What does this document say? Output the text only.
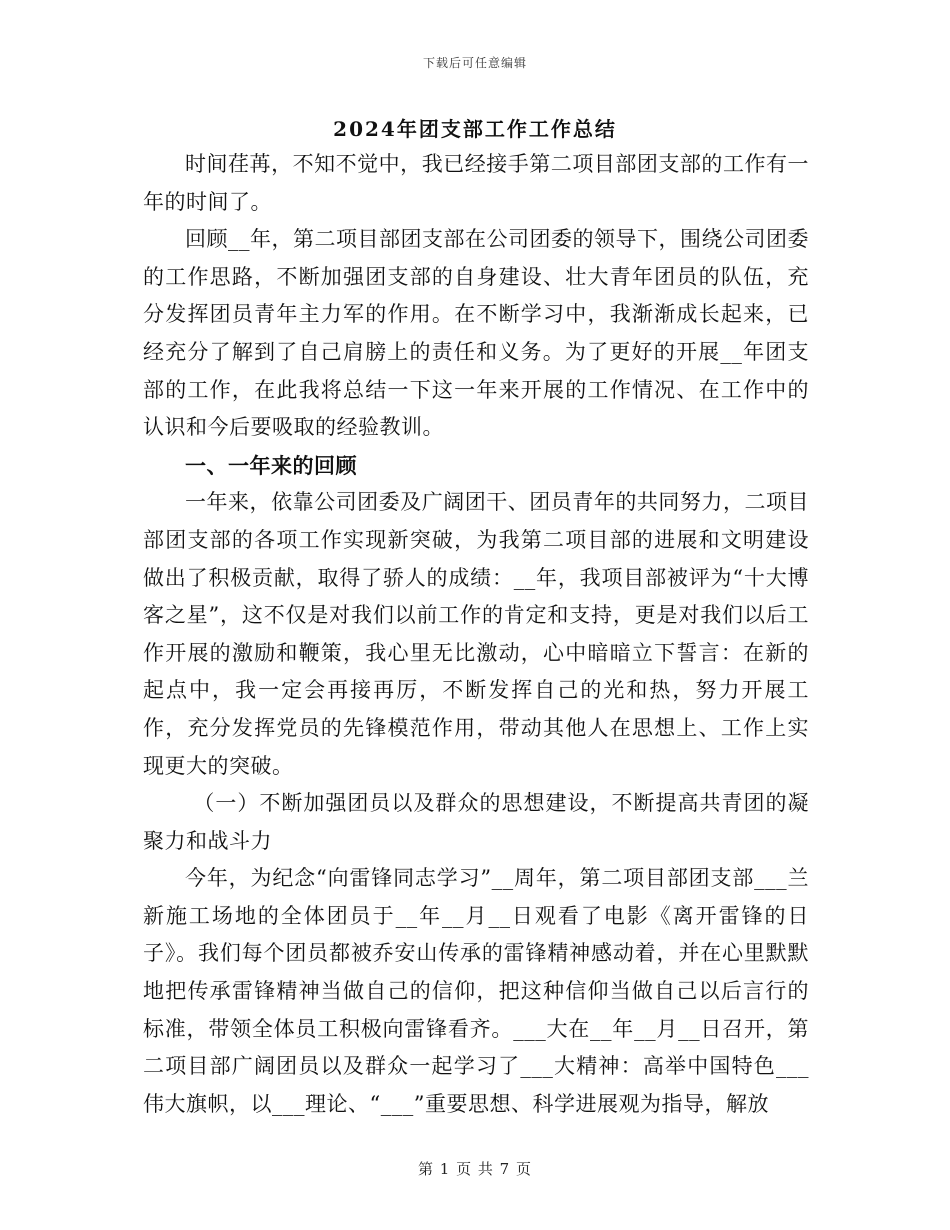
下载后可任意编辑
2024年团支部工作工作总结

时间荏苒，不知不觉中，我已经接手第二项目部团支部的工作有一年的时间了。

回顾__年，第二项目部团支部在公司团委的领导下，围绕公司团委的工作思路，不断加强团支部的自身建设、壮大青年团员的队伍，充分发挥团员青年主力军的作用。在不断学习中，我渐渐成长起来，已经充分了解到了自己肩膀上的责任和义务。为了更好的开展__年团支部的工作，在此我将总结一下这一年来开展的工作情况、在工作中的认识和今后要吸取的经验教训。

一、一年来的回顾

一年来，依靠公司团委及广阔团干、团员青年的共同努力，二项目部团支部的各项工作实现新突破，为我第二项目部的进展和文明建设做出了积极贡献，取得了骄人的成绩：__年，我项目部被评为“十大博客之星”，这不仅是对我们以前工作的肯定和支持，更是对我们以后工作开展的激励和鞭策，我心里无比激动，心中暗暗立下誓言：在新的起点中，我一定会再接再厉，不断发挥自己的光和热，努力开展工作，充分发挥党员的先锋模范作用，带动其他人在思想上、工作上实现更大的突破。

（一）不断加强团员以及群众的思想建设，不断提高共青团的凝聚力和战斗力

今年，为纪念“向雷锋同志学习”__周年，第二项目部团支部___兰新施工场地的全体团员于__年__月__日观看了电影《离开雷锋的日子》。我们每个团员都被乔安山传承的雷锋精神感动着，并在心里默默地把传承雷锋精神当做自己的信仰，把这种信仰当做自己以后言行的标准，带领全体员工积极向雷锋看齐。___大在__年__月__日召开，第二项目部广阔团员以及群众一起学习了___大精神：高举中国特色___伟大旗帜，以___理论、“___”重要思想、科学进展观为指导，解放

第 1 页 共 7 页
